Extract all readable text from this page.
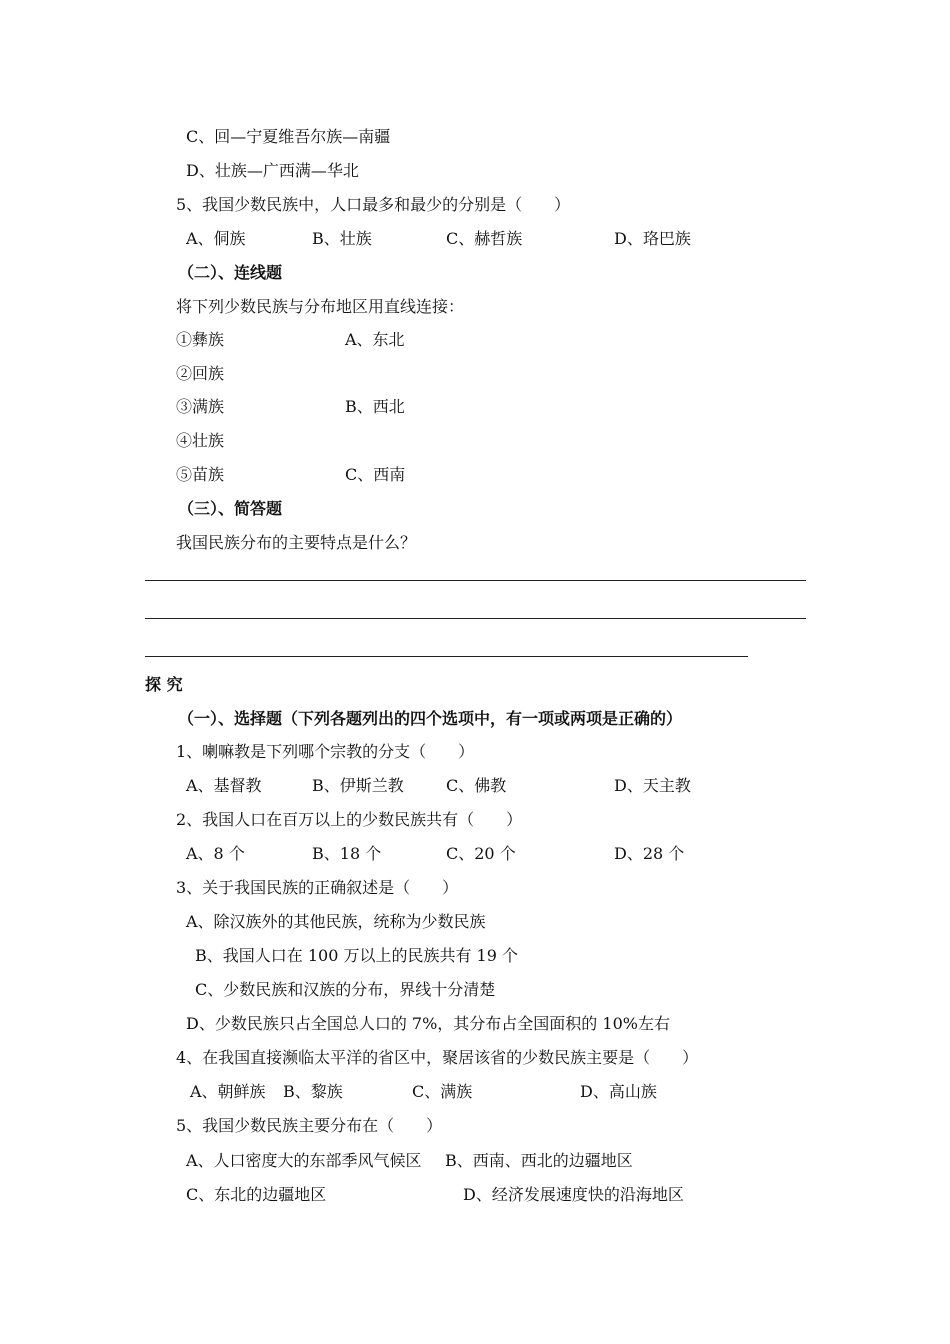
C、回—宁夏维吾尔族—南疆
D、壮族—广西满—华北
5、我国少数民族中，人口最多和最少的分别是（　　）
A、侗族	B、壮族	C、赫哲族	D、珞巴族
（二）、连线题
将下列少数民族与分布地区用直线连接：
①彝族	A、东北
②回族
③满族	B、西北
④壮族
⑤苗族	C、西南
（三）、简答题
我国民族分布的主要特点是什么？
探 究
（一）、选择题（下列各题列出的四个选项中，有一项或两项是正确的）
1、喇嘛教是下列哪个宗教的分支（　　）
A、基督教	B、伊斯兰教	C、佛教	D、天主教
2、我国人口在百万以上的少数民族共有（　　）
A、8 个	B、18 个	C、20 个	D、28 个
3、关于我国民族的正确叙述是（　　）
A、除汉族外的其他民族，统称为少数民族
B、我国人口在 100 万以上的民族共有 19 个
C、少数民族和汉族的分布，界线十分清楚
D、少数民族只占全国总人口的 7%，其分布占全国面积的 10%左右
4、在我国直接濒临太平洋的省区中，聚居该省的少数民族主要是（　　）
A、朝鲜族 B、黎族	C、满族	D、高山族
5、我国少数民族主要分布在（　　）
A、人口密度大的东部季风气候区 B、西南、西北的边疆地区
C、东北的边疆地区	D、经济发展速度快的沿海地区
